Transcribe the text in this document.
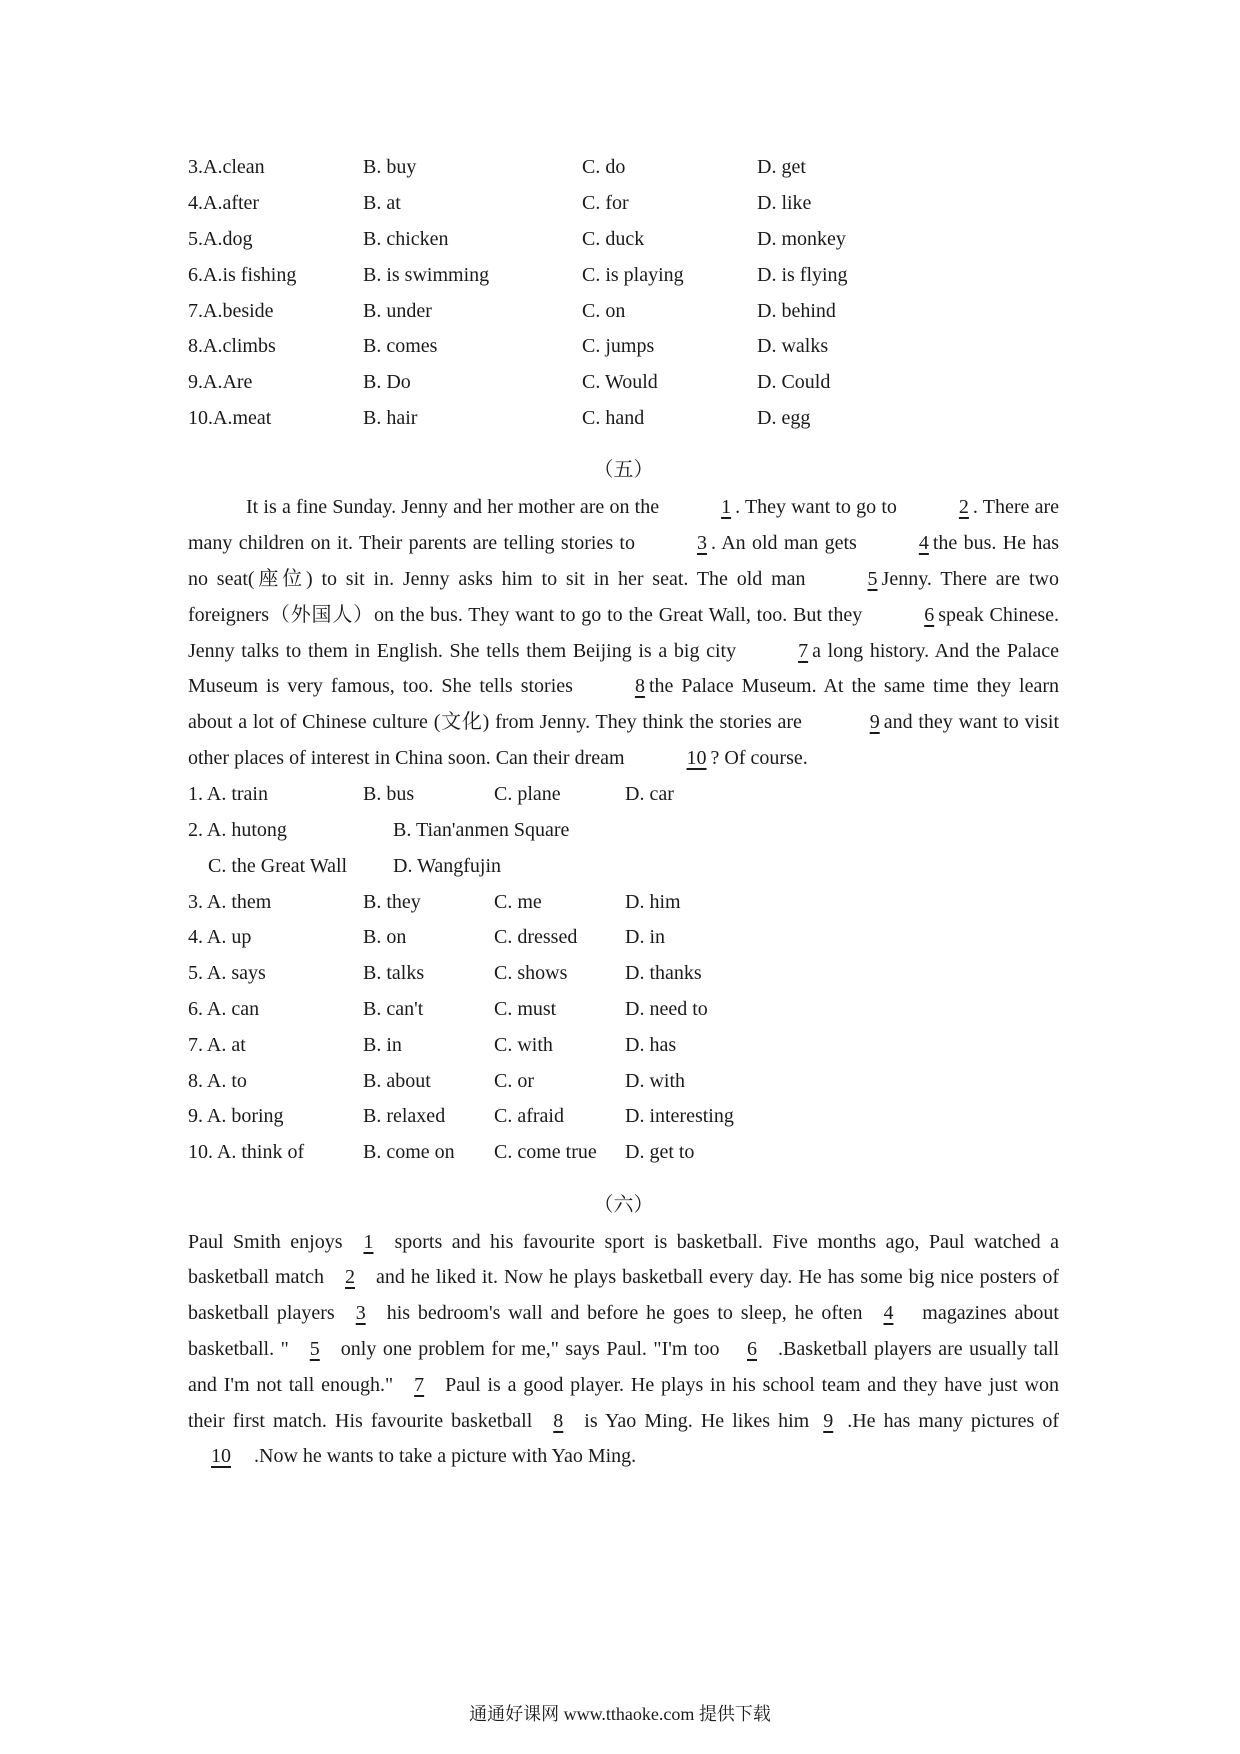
3.A.clean	B. buy	C. do	D. get
4.A.after	B. at	C. for	D. like
5.A.dog	B. chicken	C. duck	D. monkey
6.A.is fishing	B. is swimming	C. is playing	D. is flying
7.A.beside	B. under	C. on	D. behind
8.A.climbs	B. comes	C. jumps	D. walks
9.A.Are	B. Do	C. Would	D. Could
10.A.meat	B. hair	C. hand	D. egg
（五）

It is a fine Sunday. Jenny and her mother are on the	1 . They want to go to	2 . There are many children on it. Their parents are telling stories to	3 . An old man gets	4 the bus. He has no seat(座位) to sit in. Jenny asks him to sit in her seat. The old man	5 Jenny. There are two foreigners（外国人）on the bus. They want to go to the Great Wall, too. But they	6 speak Chinese. Jenny talks to them in English. She tells them Beijing is a big city	7 a long history. And the Palace Museum is very famous, too. She tells stories	8 the Palace Museum. At the same time they learn about a lot of Chinese culture (文化) from Jenny. They think the stories are	9 and they want to visit other places of interest in China soon. Can their dream	10 ? Of course.

1. A. train	B. bus	C. plane	D. car
2. A. hutong	B. Tian'anmen Square
C. the Great Wall	D. Wangfujin
3. A. them	B. they	C. me	D. him
4. A. up	B. on	C. dressed	D. in
5. A. says	B. talks	C. shows	D. thanks
6. A. can	B. can't	C. must	D. need to
7. A. at	B. in	C. with	D. has
8. A. to	B. about	C. or	D. with
9. A. boring	B. relaxed	C. afraid	D. interesting
10. A. think of	B. come on	C. come true	D. get to
（六）

Paul Smith enjoys 1 sports and his favourite sport is basketball. Five months ago, Paul watched a basketball match 2 and he liked it. Now he plays basketball every day. He has some big nice posters of basketball players 3 his bedroom's wall and before he goes to sleep, he often 4 magazines about basketball. " 5 only one problem for me," says Paul. "I'm too 6 .Basketball players are usually tall and I'm not tall enough." 7 Paul is a good player. He plays in his school team and they have just won their first match. His favourite basketball 8 is Yao Ming. He likes him 9 .He has many pictures of10 .Now he wants to take a picture with Yao Ming.

通通好课网 www.tthaoke.com 提供下载
